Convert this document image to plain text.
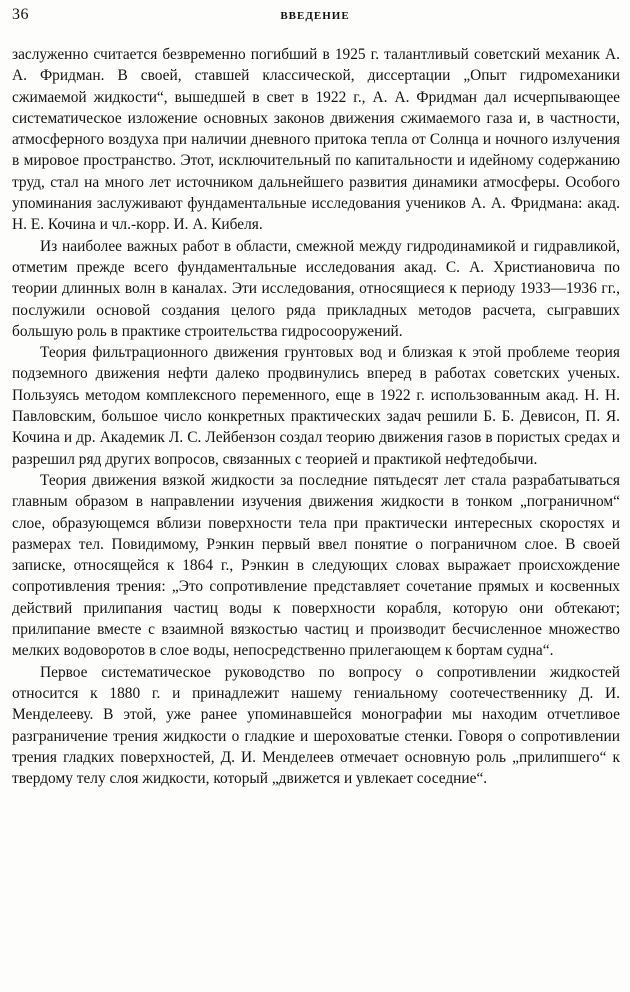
36	ВВЕДЕНИЕ

заслуженно считается безвременно погибший в 1925 г. талантливый советский механик А. А. Фридман. В своей, ставшей классической, диссертации „Опыт гидромеханики сжимаемой жидкости“, вышедшей в свет в 1922 г., А. А. Фридман дал исчерпывающее систематическое изложение основных законов движения сжимаемого газа и, в частности, атмосферного воздуха при наличии дневного притока тепла от Солнца и ночного излучения в мировое пространство. Этот, исключительный по капитальности и идейному содержанию труд, стал на много лет источником дальнейшего развития динамики атмосферы. Особого упоминания заслуживают фундаментальные исследования учеников А. А. Фридмана: акад. Н. Е. Кочина и чл.-корр. И. А. Кибеля.

Из наиболее важных работ в области, смежной между гидродинамикой и гидравликой, отметим прежде всего фундаментальные исследования акад. С. А. Христиановича по теории длинных волн в каналах. Эти исследования, относящиеся к периоду 1933—1936 гг., послужили основой создания целого ряда прикладных методов расчета, сыгравших большую роль в практике строительства гидросооружений.

Теория фильтрационного движения грунтовых вод и близкая к этой проблеме теория подземного движения нефти далеко продвинулись вперед в работах советских ученых. Пользуясь методом комплексного переменного, еще в 1922 г. использованным акад. Н. Н. Павловским, большое число конкретных практических задач решили Б. Б. Девисон, П. Я. Кочина и др. Академик Л. С. Лейбензон создал теорию движения газов в пористых средах и разрешил ряд других вопросов, связанных с теорией и практикой нефтедобычи.

Теория движения вязкой жидкости за последние пятьдесят лет стала разрабатываться главным образом в направлении изучения движения жидкости в тонком „пограничном“ слое, образующемся вблизи поверхности тела при практически интересных скоростях и размерах тел. Повидимому, Рэнкин первый ввел понятие о пограничном слое. В своей записке, относящейся к 1864 г., Рэнкин в следующих словах выражает происхождение сопротивления трения: „Это сопротивление представляет сочетание прямых и косвенных действий прилипания частиц воды к поверхности корабля, которую они обтекают; прилипание вместе с взаимной вязкостью частиц и производит бесчисленное множество мелких водоворотов в слое воды, непосредственно прилегающем к бортам судна“.

Первое систематическое руководство по вопросу о сопротивлении жидкостей относится к 1880 г. и принадлежит нашему гениальному соотечественнику Д. И. Менделееву. В этой, уже ранее упоминавшейся монографии мы находим отчетливое разграничение трения жидкости о гладкие и шероховатые стенки. Говоря о сопротивлении трения гладких поверхностей, Д. И. Менделеев отмечает основную роль „прилипшего“ к твердому телу слоя жидкости, который „движется и увлекает соседние“.
